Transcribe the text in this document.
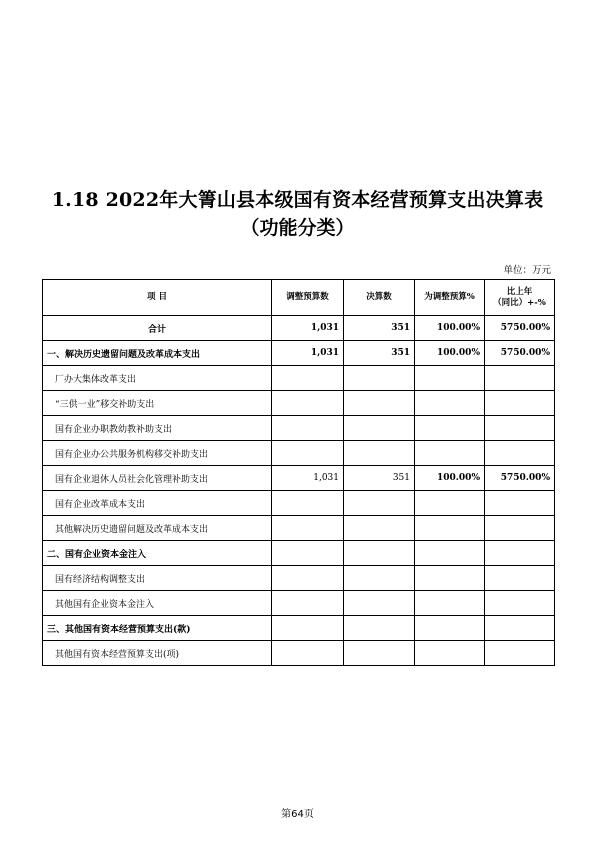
1.18 2022年大箐山县本级国有资本经营预算支出决算表
（功能分类）
单位：万元
项 目	调整预算数	决算数	为调整预算%	比上年
（同比）+-%

合计	1,031	351	100.00%	5750.00%
一、解决历史遗留问题及改革成本支出	1,031	351	100.00%	5750.00%
厂办大集体改革支出				
“三供一业”移交补助支出				
国有企业办职教幼教补助支出				
国有企业办公共服务机构移交补助支出				
国有企业退休人员社会化管理补助支出	1,031	351	100.00%	5750.00%
国有企业改革成本支出				
其他解决历史遗留问题及改革成本支出				
二、国有企业资本金注入				
国有经济结构调整支出				
其他国有企业资本金注入				
三、其他国有资本经营预算支出(款)				
其他国有资本经营预算支出(项)				
第64页
